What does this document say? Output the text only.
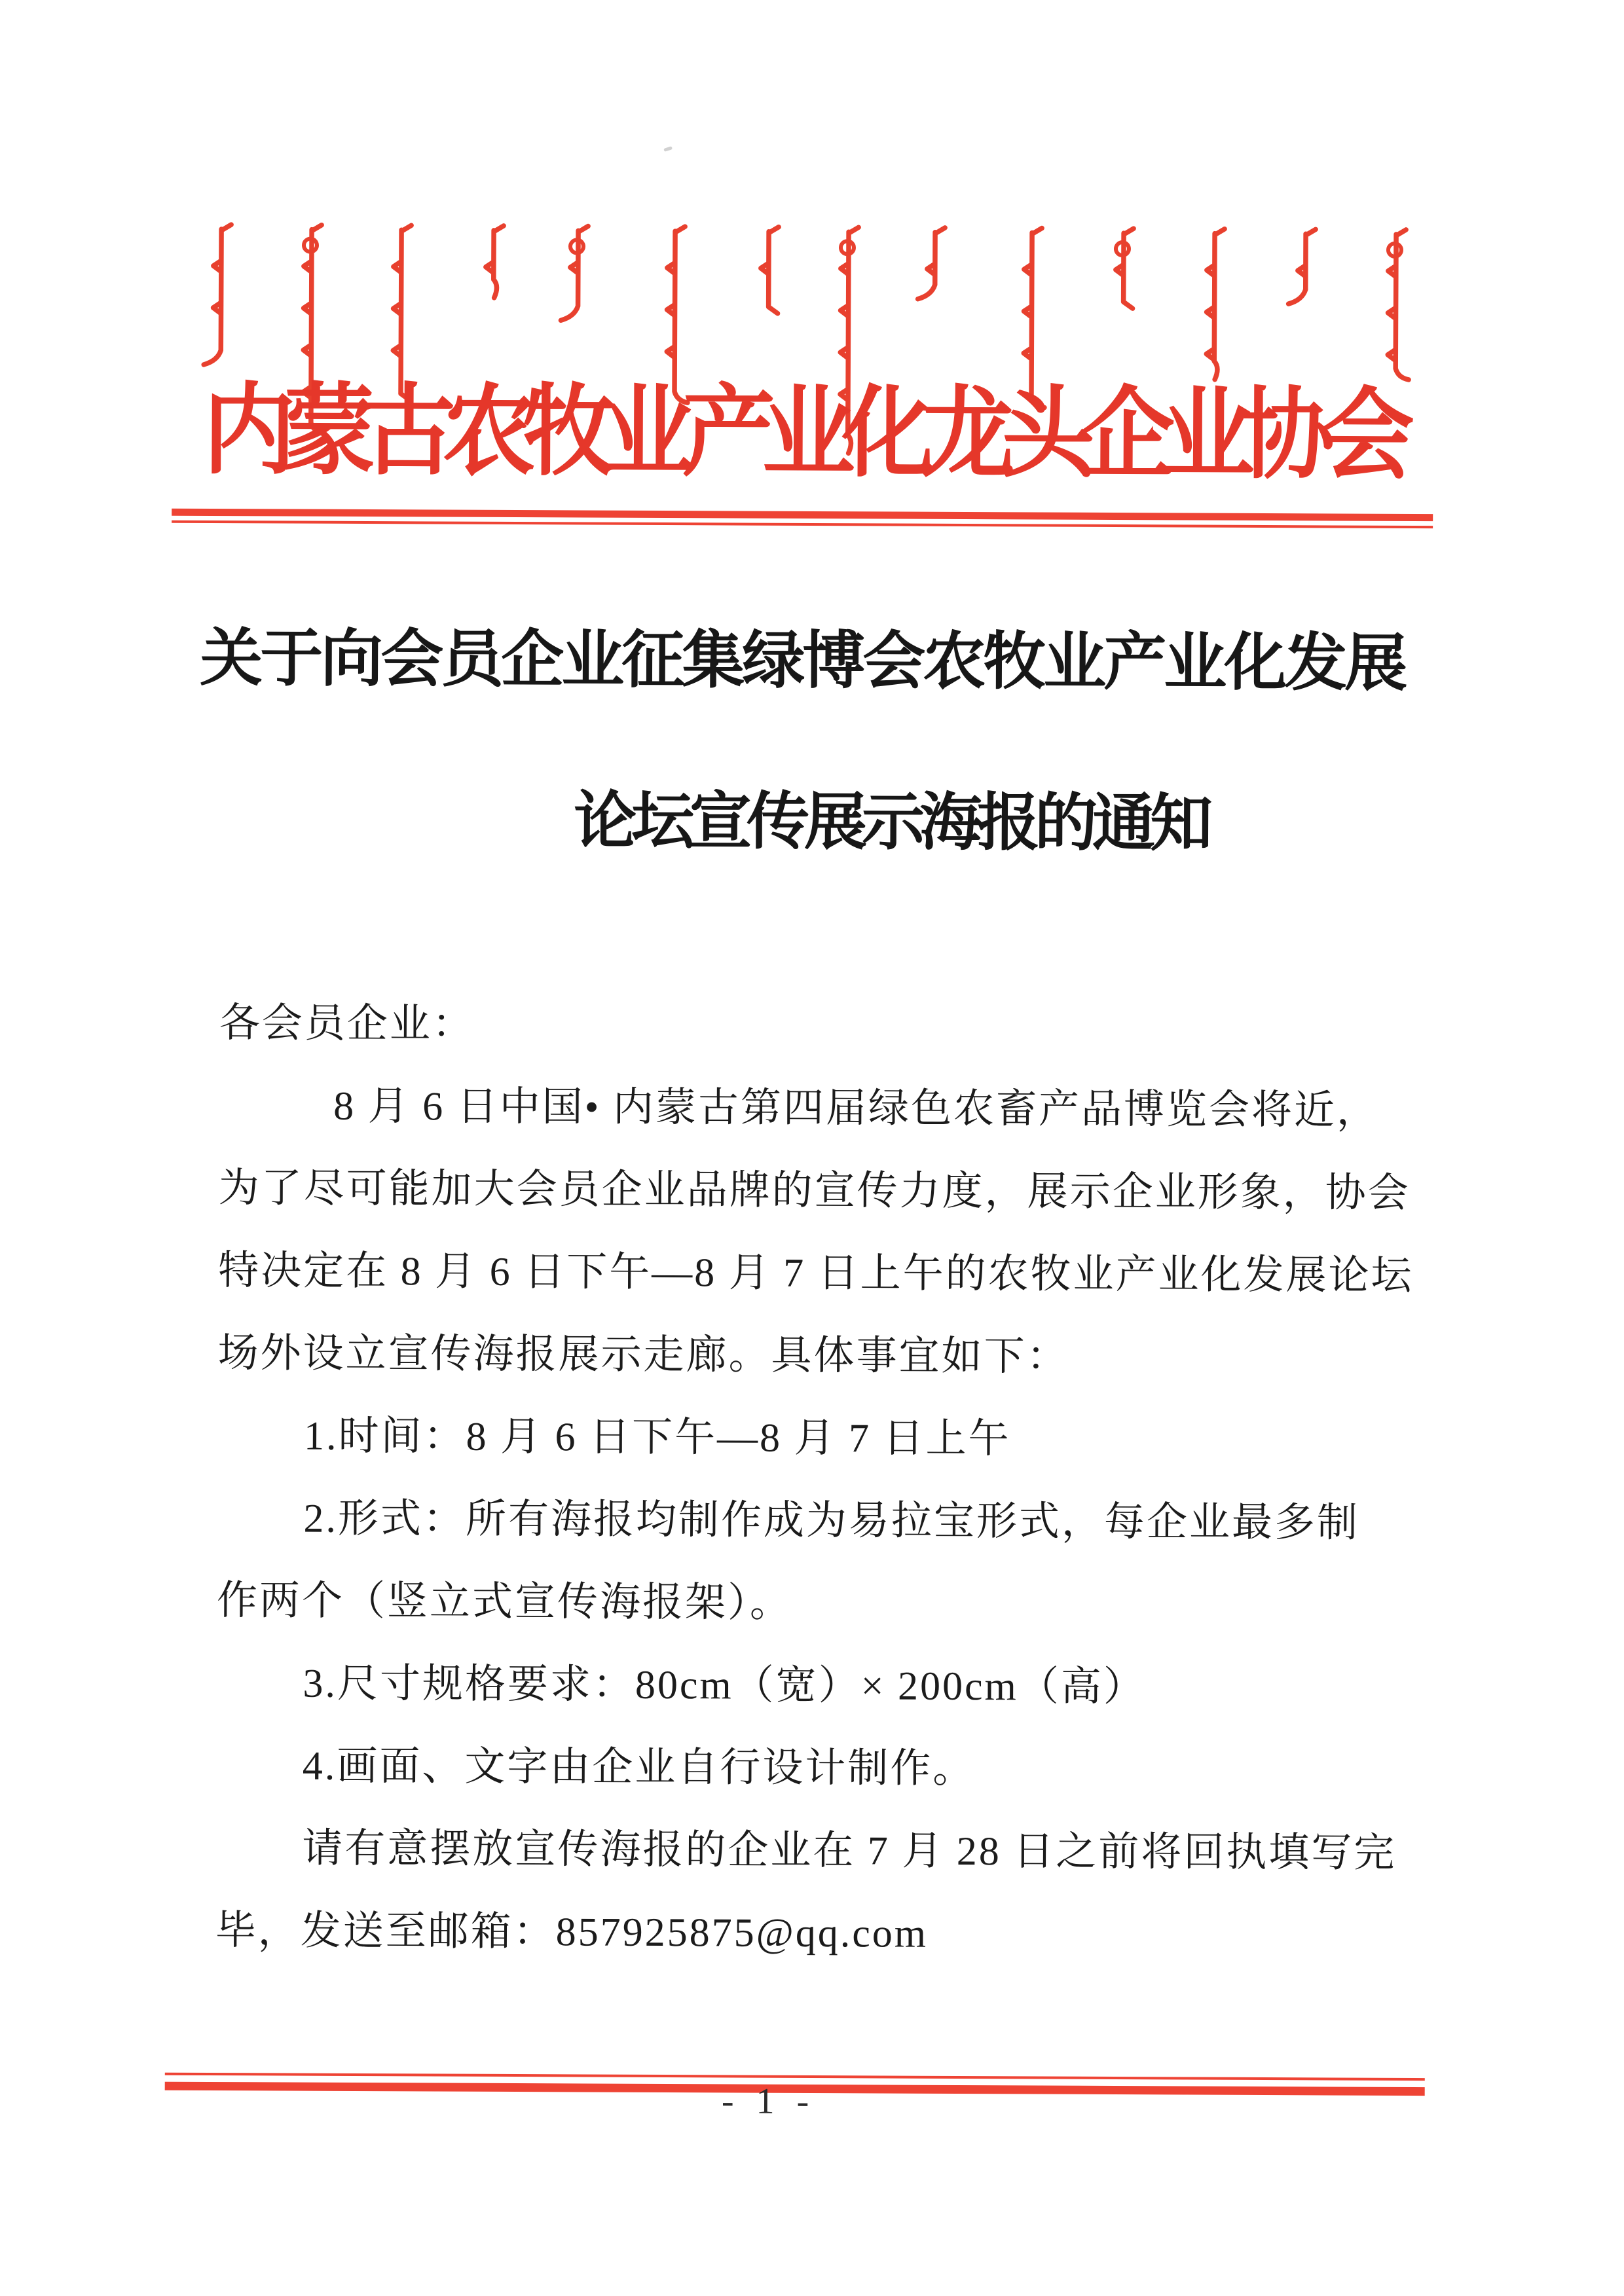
内蒙古农牧业产业化龙头企业协会
关于向会员企业征集绿博会农牧业产业化发展
论坛宣传展示海报的通知
各会员企业：
8 月 6 日中国• 内蒙古第四届绿色农畜产品博览会将近，
为了尽可能加大会员企业品牌的宣传力度，展示企业形象，协会
特决定在 8 月 6 日下午—8 月 7 日上午的农牧业产业化发展论坛
场外设立宣传海报展示走廊。具体事宜如下：
1.时间：8 月 6 日下午—8 月 7 日上午
2.形式：所有海报均制作成为易拉宝形式，每企业最多制
作两个（竖立式宣传海报架）。
3.尺寸规格要求：80cm（宽）× 200cm（高）
4.画面、文字由企业自行设计制作。
请有意摆放宣传海报的企业在 7 月 28 日之前将回执填写完
毕，发送至邮箱：857925875@qq.com
- 1 -
